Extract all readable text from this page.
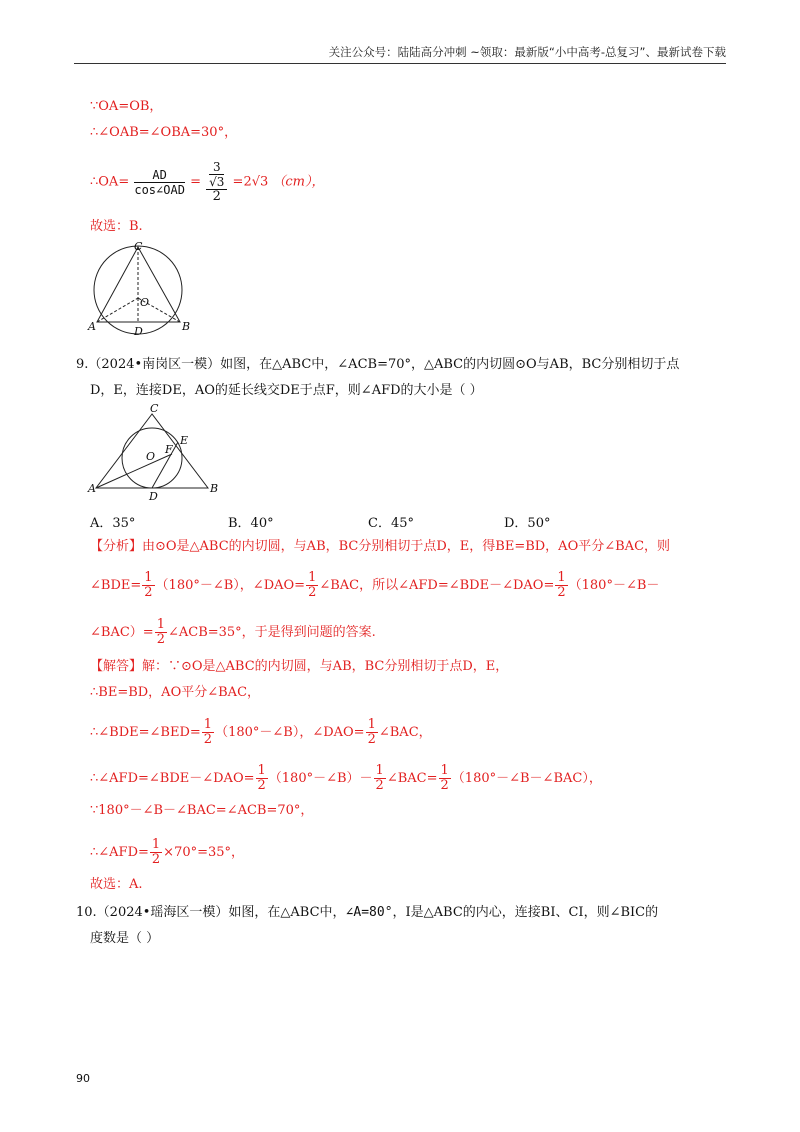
关注公众号：陆陆高分冲刺 ~领取：最新版“小中高考-总复习”、最新试卷下载
∵OA=OB，
∴∠OAB=∠OBA=30°，
∴OA= $\frac{AD}{\text{cos∠OAD}} = \frac{\frac{3}{√3}}{2} =2√3$ （cm），
故选：B.
C
O
A	D	B
9.（2024•南岗区一模）如图，在△ABC中，∠ACB=70°，△ABC的内切圆⊙O与AB，BC分别相切于点
D，E，连接DE，AO的延长线交DE于点F，则∠AFD的大小是（ ）
C
E
O
F
A
D
B
A．35°	B．40°	C．45°	D．50°
【分析】由⊙O是△ABC的内切圆，与AB，BC分别相切于点D，E，得BE=BD，AO平分∠BAC，则
∠BDE= $\frac{1}{2}$ （180°－∠B），∠DAO= $\frac{1}{2}$ ∠BAC，所以∠AFD=∠BDE－∠DAO= $\frac{1}{2}$ （180°－∠B－
∠BAC）= $\frac{1}{2}$ ∠ACB=35°，于是得到问题的答案.
【解答】解：∵⊙O是△ABC的内切圆，与AB，BC分别相切于点D，E，
∴BE=BD，AO平分∠BAC，
∴∠BDE=∠BED= $\frac{1}{2}$ （180°－∠B），∠DAO= $\frac{1}{2}$ ∠BAC，
∴∠AFD=∠BDE－∠DAO= $\frac{1}{2}$ （180°－∠B）－ $\frac{1}{2}$ ∠BAC= $\frac{1}{2}$ （180°－∠B－∠BAC），
∵180°－∠B－∠BAC=∠ACB=70°，
∴∠AFD= $\frac{1}{2} \times 70^\circ=35^\circ$，
故选：A.
10.（2024•瑶海区一模）如图，在△ABC中，∠A=80°，I是△ABC的内心，连接BI、CI，则∠BIC的
度数是（ ）
90
